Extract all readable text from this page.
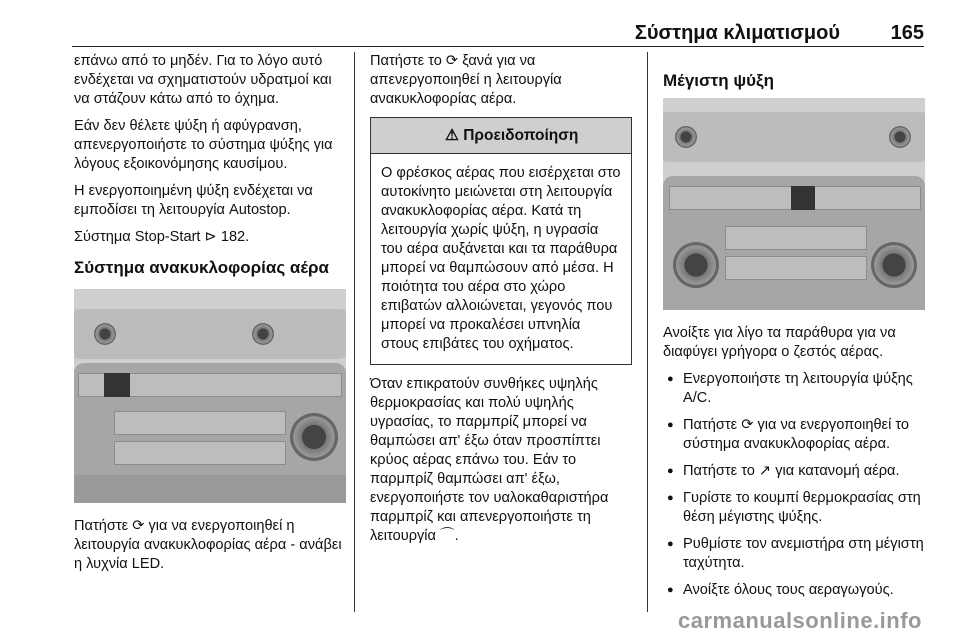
Σύστημα κλιματισμού	165

επάνω από το μηδέν. Για το λόγο αυτό ενδέχεται να σχηματιστούν υδρατμοί και να στάζουν κάτω από το όχημα.

Εάν δεν θέλετε ψύξη ή αφύγρανση, απενεργοποιήστε το σύστημα ψύξης για λόγους εξοικονόμησης καυσίμου.

Η ενεργοποιημένη ψύξη ενδέχεται να εμποδίσει τη λειτουργία Autostop.

Σύστημα Stop-Start ⊳ 182.

Σύστημα ανακυκλοφορίας αέρα

Πατήστε ⟳ για να ενεργοποιηθεί η λειτουργία ανακυκλοφορίας αέρα - ανάβει η λυχνία LED.

Πατήστε το ⟳ ξανά για να απενεργοποιηθεί η λειτουργία ανακυκλοφορίας αέρα.

⚠ Προειδοποίηση
Ο φρέσκος αέρας που εισέρχεται στο αυτοκίνητο μειώνεται στη λειτουργία ανακυκλοφορίας αέρα. Κατά τη λειτουργία χωρίς ψύξη, η υγρασία του αέρα αυξάνεται και τα παράθυρα μπορεί να θαμπώσουν από μέσα. Η ποιότητα του αέρα στο χώρο επιβατών αλλοιώνεται, γεγονός που μπορεί να προκαλέσει υπνηλία στους επιβάτες του οχήματος.

Όταν επικρατούν συνθήκες υψηλής θερμοκρασίας και πολύ υψηλής υγρασίας, το παρμπρίζ μπορεί να θαμπώσει απ' έξω όταν προσπίπτει κρύος αέρας επάνω του. Εάν το παρμπρίζ θαμπώσει απ' έξω, ενεργοποιήστε τον υαλοκαθαριστήρα παρμπρίζ και απενεργοποιήστε τη λειτουργία ⌒.

Μέγιστη ψύξη

Ανοίξτε για λίγο τα παράθυρα για να διαφύγει γρήγορα ο ζεστός αέρας.

● Ενεργοποιήστε τη λειτουργία ψύξης A/C.
● Πατήστε ⟳ για να ενεργοποιηθεί το σύστημα ανακυκλοφορίας αέρα.
● Πατήστε το ↗ για κατανομή αέρα.
● Γυρίστε το κουμπί θερμοκρασίας στη θέση μέγιστης ψύξης.
● Ρυθμίστε τον ανεμιστήρα στη μέγιστη ταχύτητα.
● Ανοίξτε όλους τους αεραγωγούς.
carmanualsonline.info
